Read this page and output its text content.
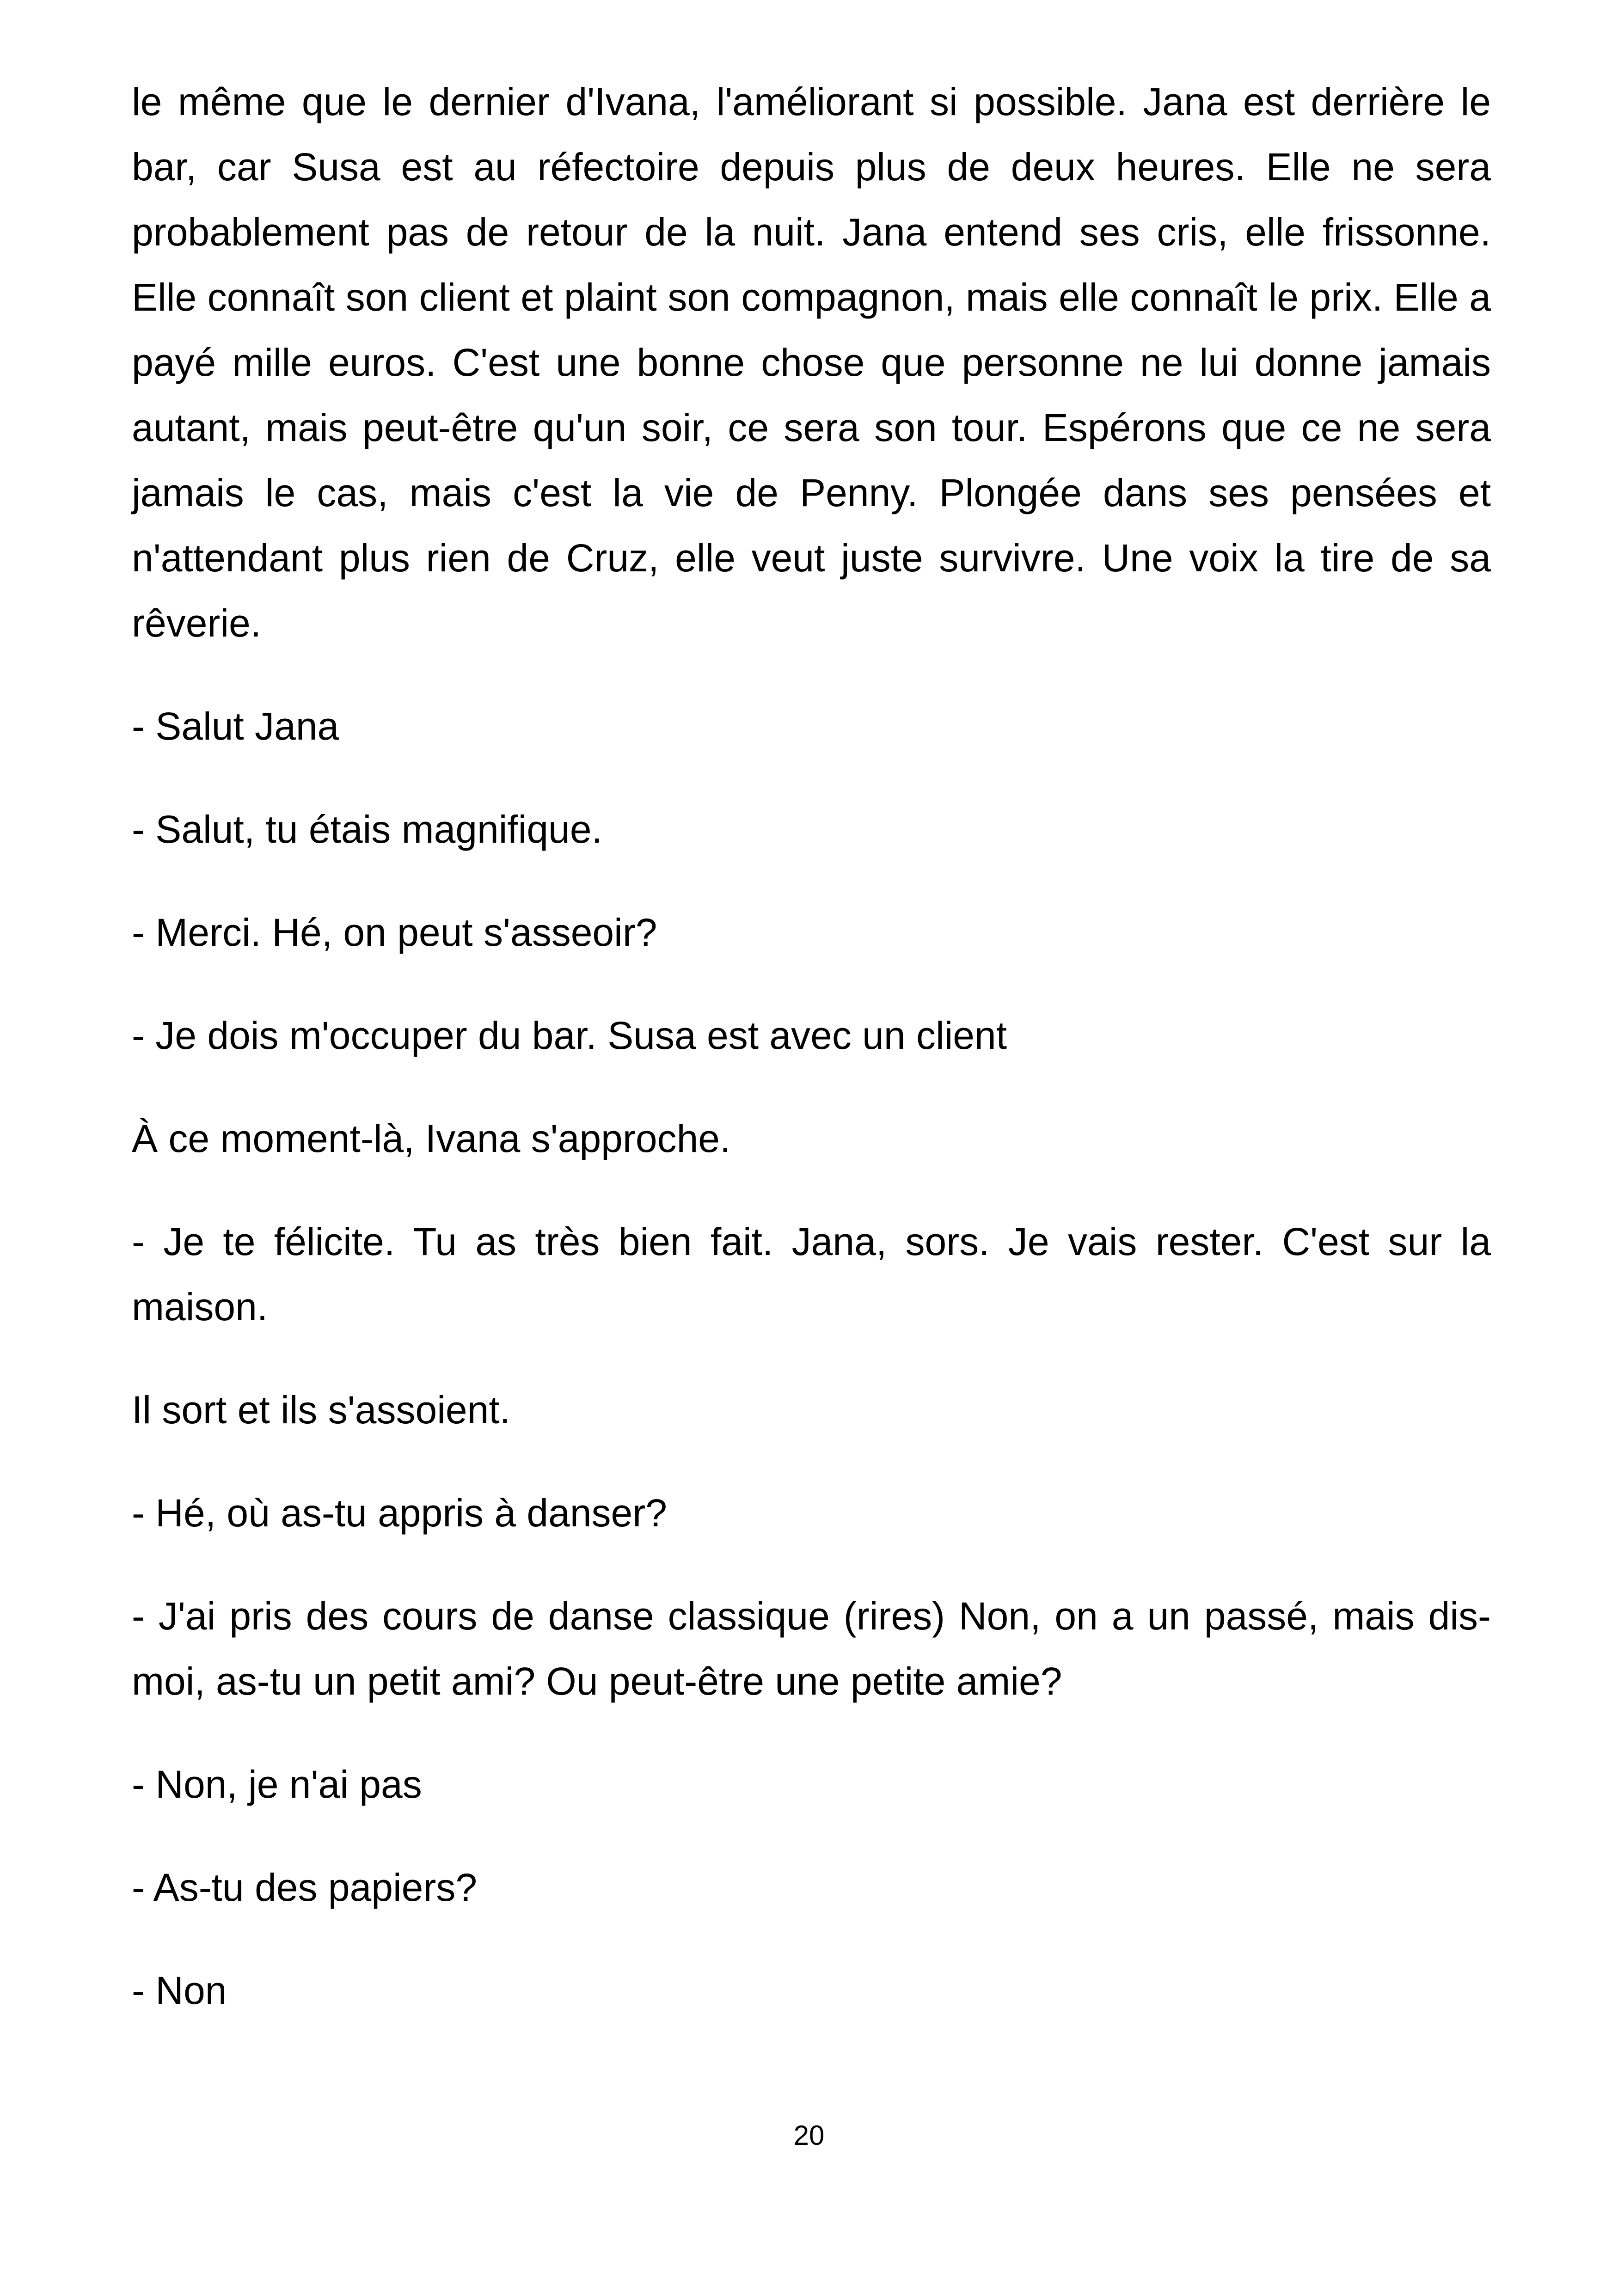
le même que le dernier d'Ivana, l'améliorant si possible. Jana est derrière le bar, car Susa est au réfectoire depuis plus de deux heures. Elle ne sera probablement pas de retour de la nuit. Jana entend ses cris, elle frissonne. Elle connaît son client et plaint son compagnon, mais elle connaît le prix. Elle a payé mille euros. C'est une bonne chose que personne ne lui donne jamais autant, mais peut-être qu'un soir, ce sera son tour. Espérons que ce ne sera jamais le cas, mais c'est la vie de Penny. Plongée dans ses pensées et n'attendant plus rien de Cruz, elle veut juste survivre. Une voix la tire de sa rêverie.

- Salut Jana

- Salut, tu étais magnifique.

- Merci. Hé, on peut s'asseoir?

- Je dois m'occuper du bar. Susa est avec un client

À ce moment-là, Ivana s'approche.

- Je te félicite. Tu as très bien fait. Jana, sors. Je vais rester. C'est sur la maison.

Il sort et ils s'assoient.

- Hé, où as-tu appris à danser?

- J'ai pris des cours de danse classique (rires) Non, on a un passé, mais dis-moi, as-tu un petit ami? Ou peut-être une petite amie?

- Non, je n'ai pas

- As-tu des papiers?

- Non

20
